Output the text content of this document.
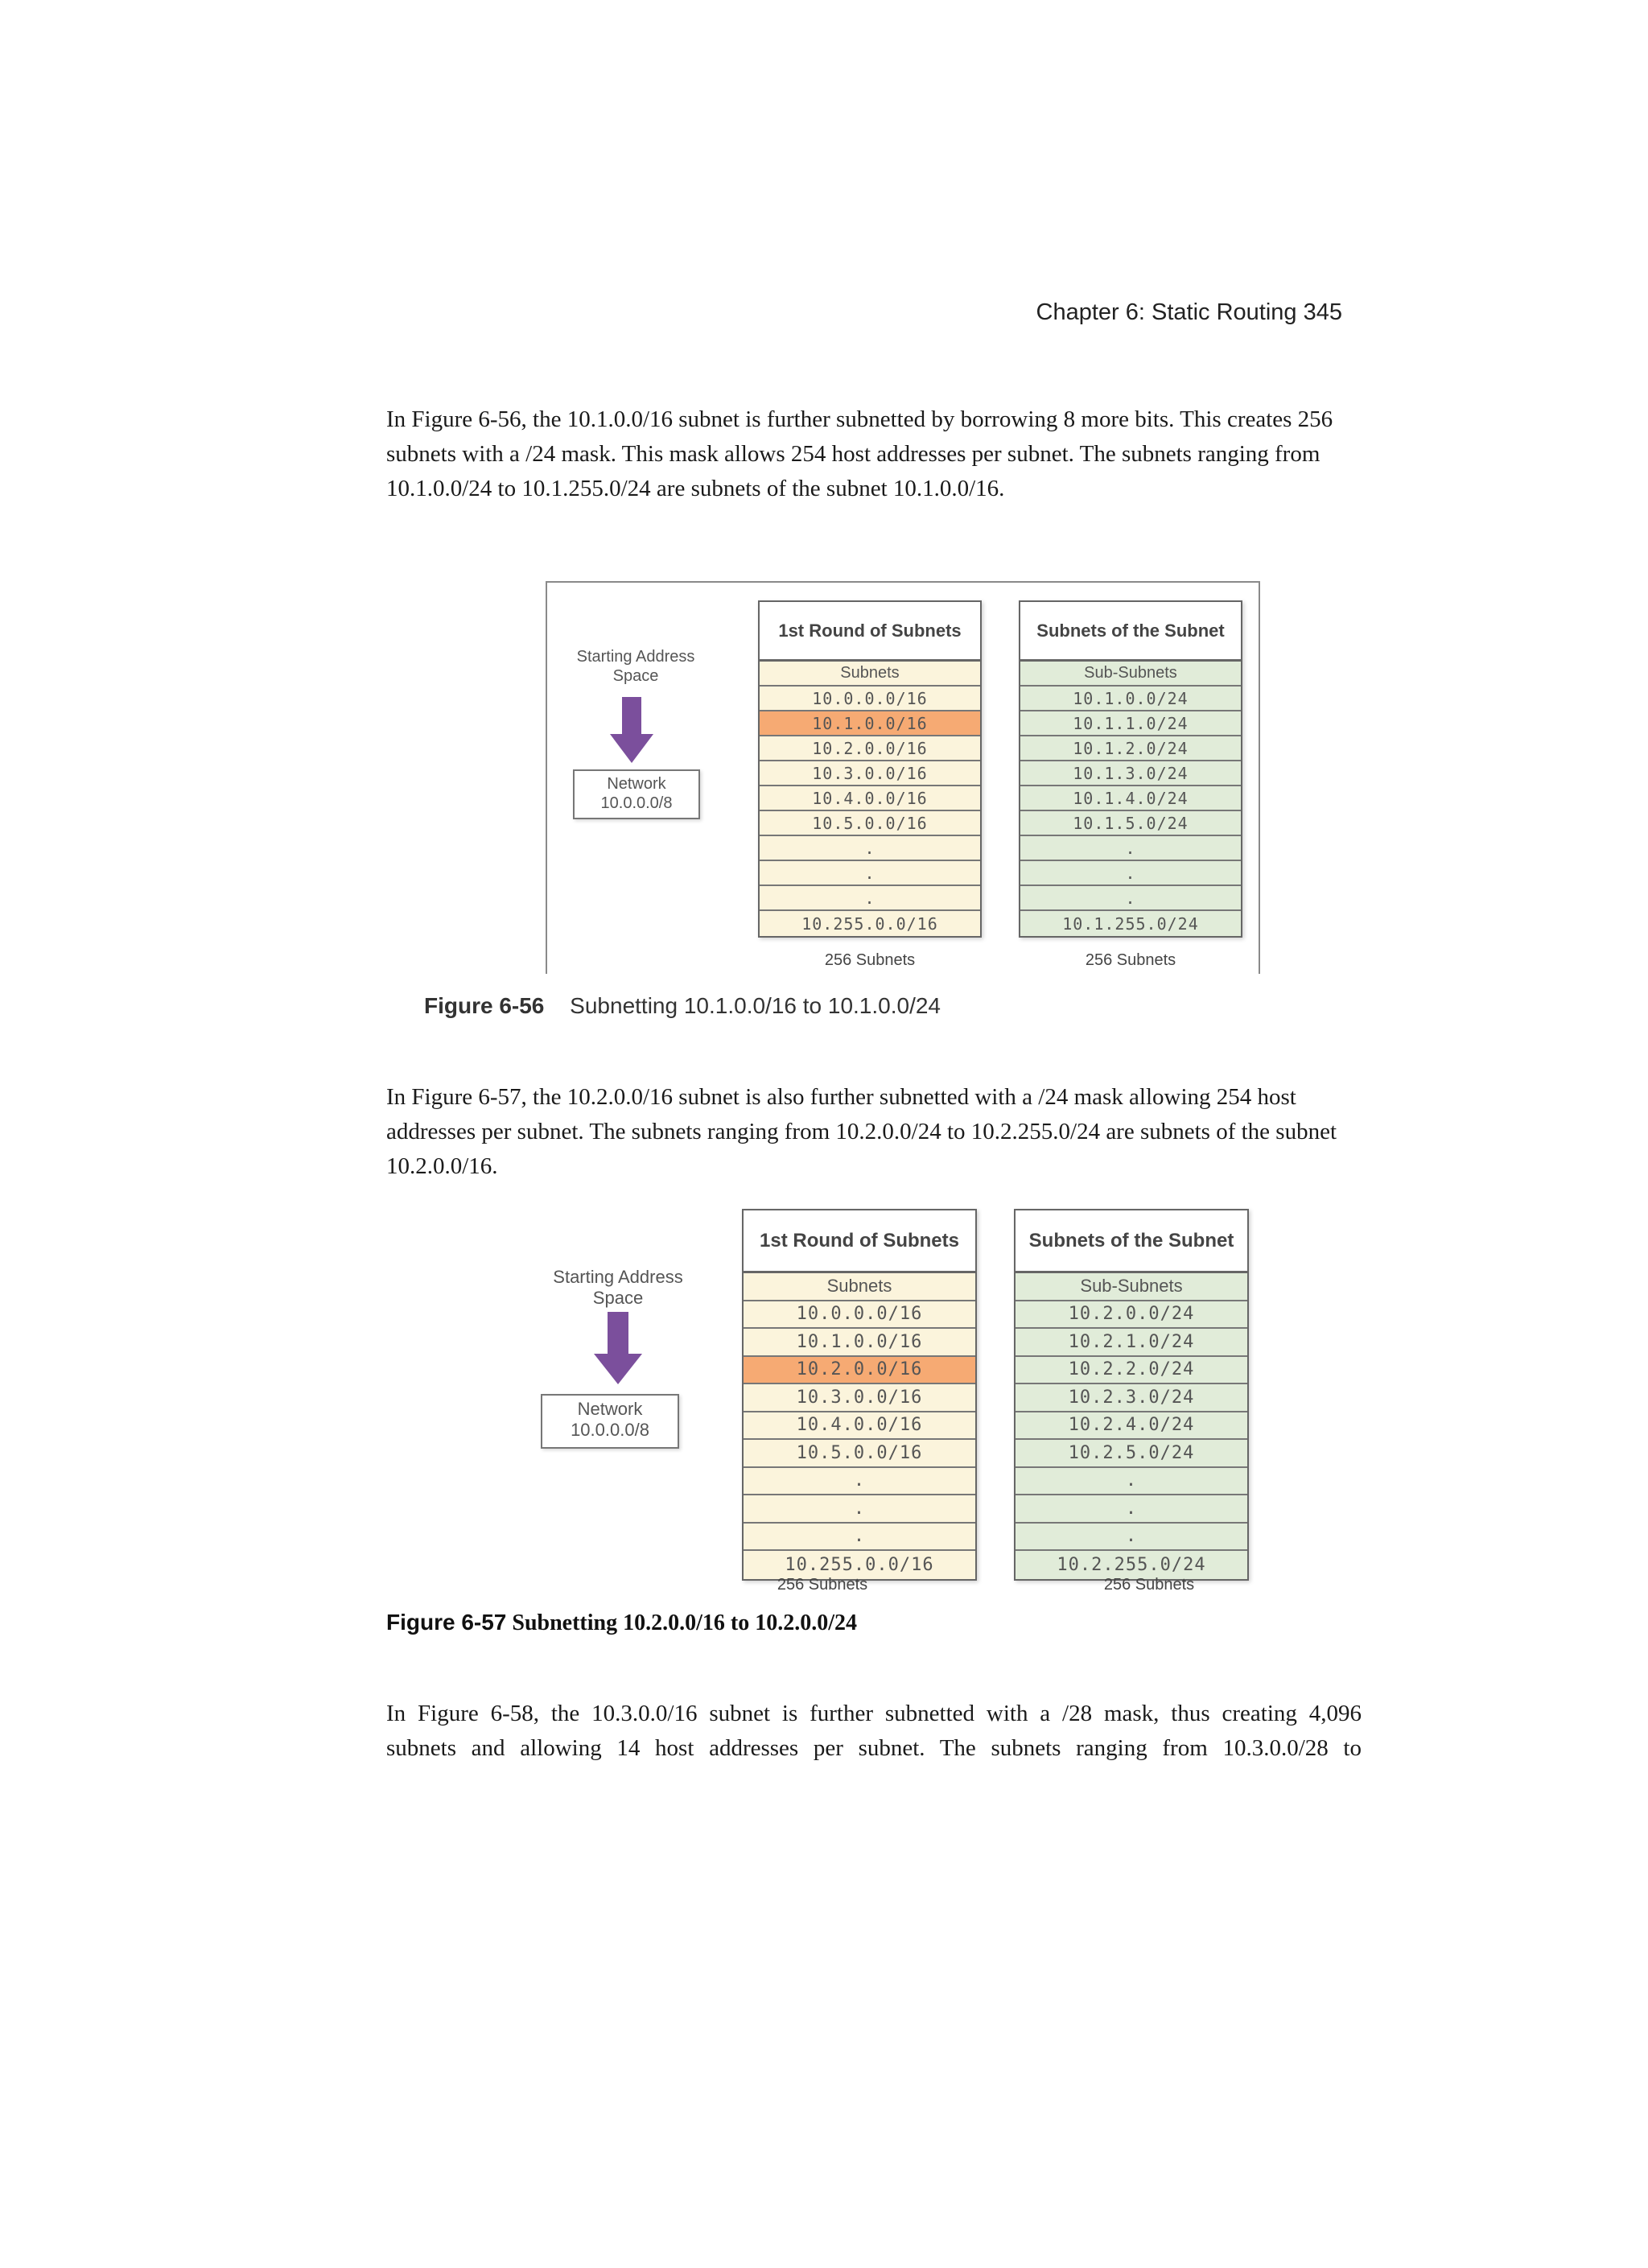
Chapter 6: Static Routing 345

In Figure 6-56, the 10.1.0.0/16 subnet is further subnetted by borrowing 8 more bits. This creates 256 subnets with a /24 mask. This mask allows 254 host addresses per subnet. The subnets ranging from 10.1.0.0/24 to 10.1.255.0/24 are subnets of the subnet 10.1.0.0/16.

Starting Address Space
Network
10.0.0.0/8
1st Round of Subnets
Subnets
10.0.0.0/16
10.1.0.0/16
10.2.0.0/16
10.3.0.0/16
10.4.0.0/16
10.5.0.0/16
.
.
.
10.255.0.0/16
256 Subnets
Subnets of the Subnet
Sub-Subnets
10.1.0.0/24
10.1.1.0/24
10.1.2.0/24
10.1.3.0/24
10.1.4.0/24
10.1.5.0/24
.
.
.
10.1.255.0/24
256 Subnets
Figure 6-56 Subnetting 10.1.0.0/16 to 10.1.0.0/24

In Figure 6-57, the 10.2.0.0/16 subnet is also further subnetted with a /24 mask allowing 254 host addresses per subnet. The subnets ranging from 10.2.0.0/24 to 10.2.255.0/24 are subnets of the subnet 10.2.0.0/16.

Starting Address Space
Network
10.0.0.0/8
1st Round of Subnets
Subnets
10.0.0.0/16
10.1.0.0/16
10.2.0.0/16
10.3.0.0/16
10.4.0.0/16
10.5.0.0/16
.
.
.
10.255.0.0/16
256 Subnets
Subnets of the Subnet
Sub-Subnets
10.2.0.0/24
10.2.1.0/24
10.2.2.0/24
10.2.3.0/24
10.2.4.0/24
10.2.5.0/24
.
.
.
10.2.255.0/24
256 Subnets
Figure 6-57 Subnetting 10.2.0.0/16 to 10.2.0.0/24
In Figure 6-58, the 10.3.0.0/16 subnet is further subnetted with a /28 mask, thus creating 4,096
subnets and allowing 14 host addresses per subnet. The subnets ranging from 10.3.0.0/28 to
